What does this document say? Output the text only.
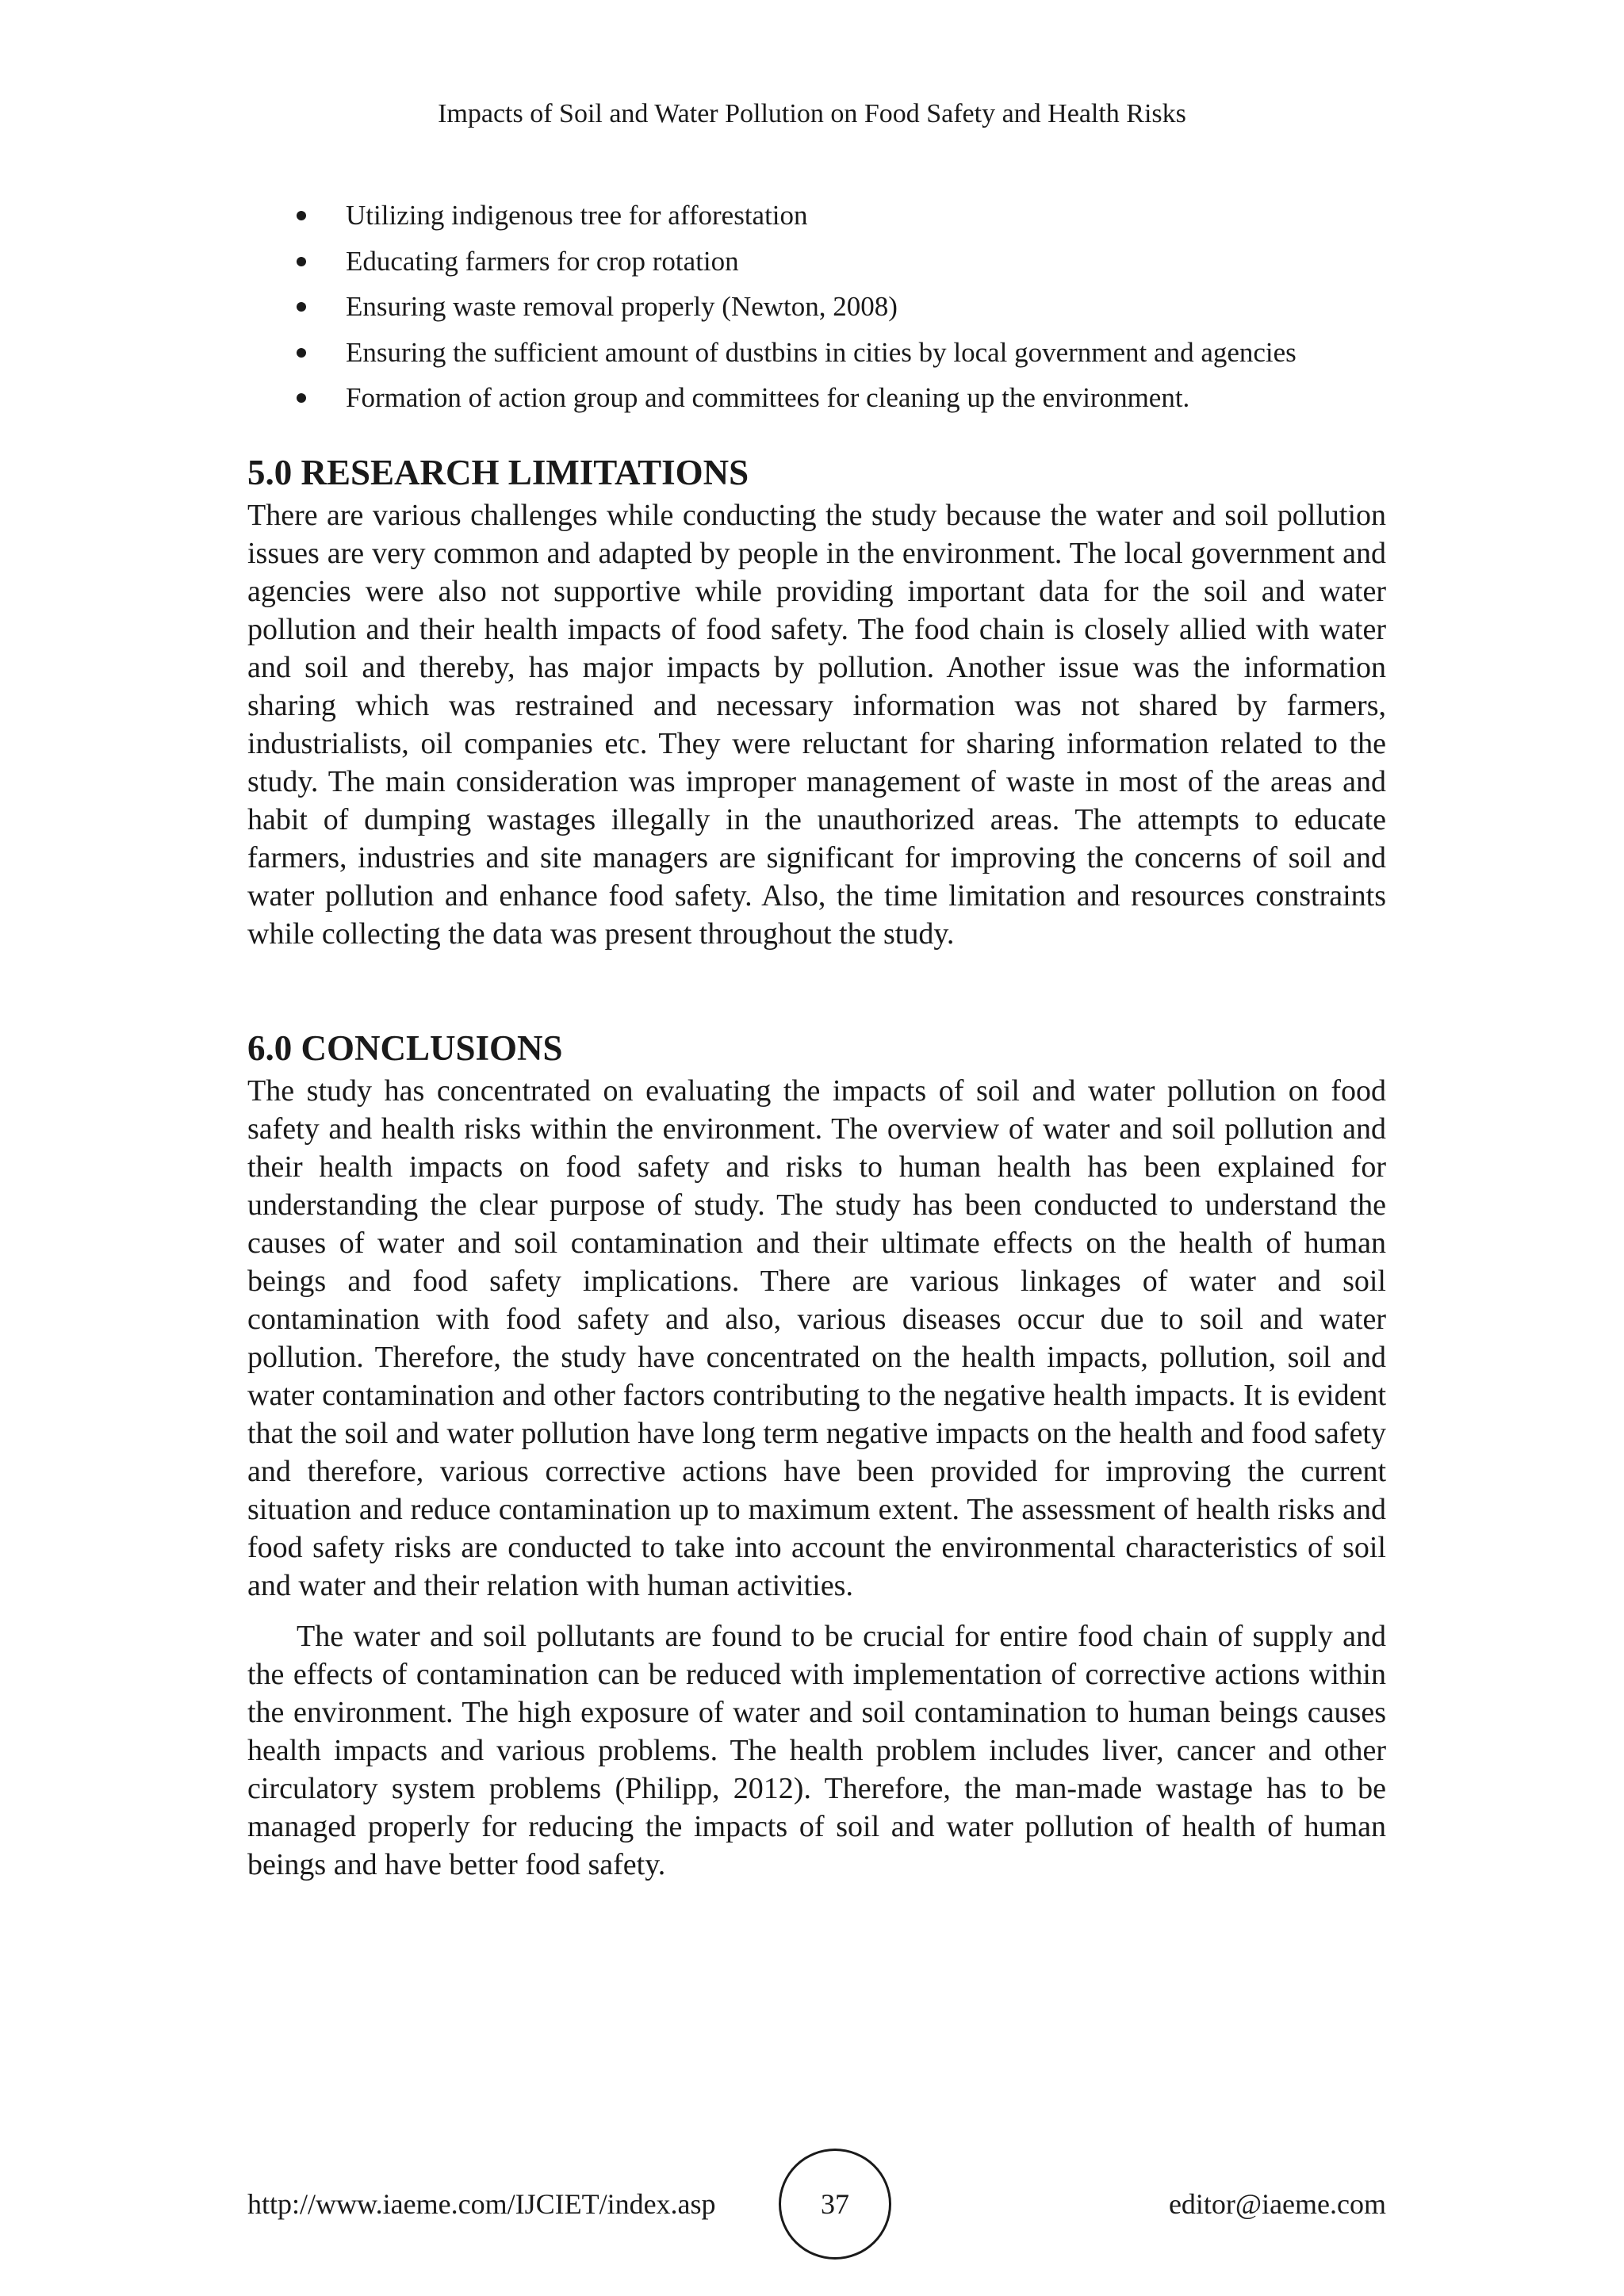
Impacts of Soil and Water Pollution on Food Safety and Health Risks
Utilizing indigenous tree for afforestation
Educating farmers for crop rotation
Ensuring waste removal properly (Newton, 2008)
Ensuring the sufficient amount of dustbins in cities by local government and agencies
Formation of action group and committees for cleaning up the environment.
5.0 RESEARCH LIMITATIONS

There are various challenges while conducting the study because the water and soil pollution issues are very common and adapted by people in the environment. The local government and agencies were also not supportive while providing important data for the soil and water pollution and their health impacts of food safety. The food chain is closely allied with water and soil and thereby, has major impacts by pollution. Another issue was the information sharing which was restrained and necessary information was not shared by farmers, industrialists, oil companies etc. They were reluctant for sharing information related to the study. The main consideration was improper management of waste in most of the areas and habit of dumping wastages illegally in the unauthorized areas. The attempts to educate farmers, industries and site managers are significant for improving the concerns of soil and water pollution and enhance food safety. Also, the time limitation and resources constraints while collecting the data was present throughout the study.

6.0 CONCLUSIONS

The study has concentrated on evaluating the impacts of soil and water pollution on food safety and health risks within the environment. The overview of water and soil pollution and their health impacts on food safety and risks to human health has been explained for understanding the clear purpose of study. The study has been conducted to understand the causes of water and soil contamination and their ultimate effects on the health of human beings and food safety implications. There are various linkages of water and soil contamination with food safety and also, various diseases occur due to soil and water pollution. Therefore, the study have concentrated on the health impacts, pollution, soil and water contamination and other factors contributing to the negative health impacts. It is evident that the soil and water pollution have long term negative impacts on the health and food safety and therefore, various corrective actions have been provided for improving the current situation and reduce contamination up to maximum extent. The assessment of health risks and food safety risks are conducted to take into account the environmental characteristics of soil and water and their relation with human activities.

The water and soil pollutants are found to be crucial for entire food chain of supply and the effects of contamination can be reduced with implementation of corrective actions within the environment. The high exposure of water and soil contamination to human beings causes health impacts and various problems. The health problem includes liver, cancer and other circulatory system problems (Philipp, 2012). Therefore, the man-made wastage has to be managed properly for reducing the impacts of soil and water pollution of health of human beings and have better food safety.

http://www.iaeme.com/IJCIET/index.asp	37	editor@iaeme.com
